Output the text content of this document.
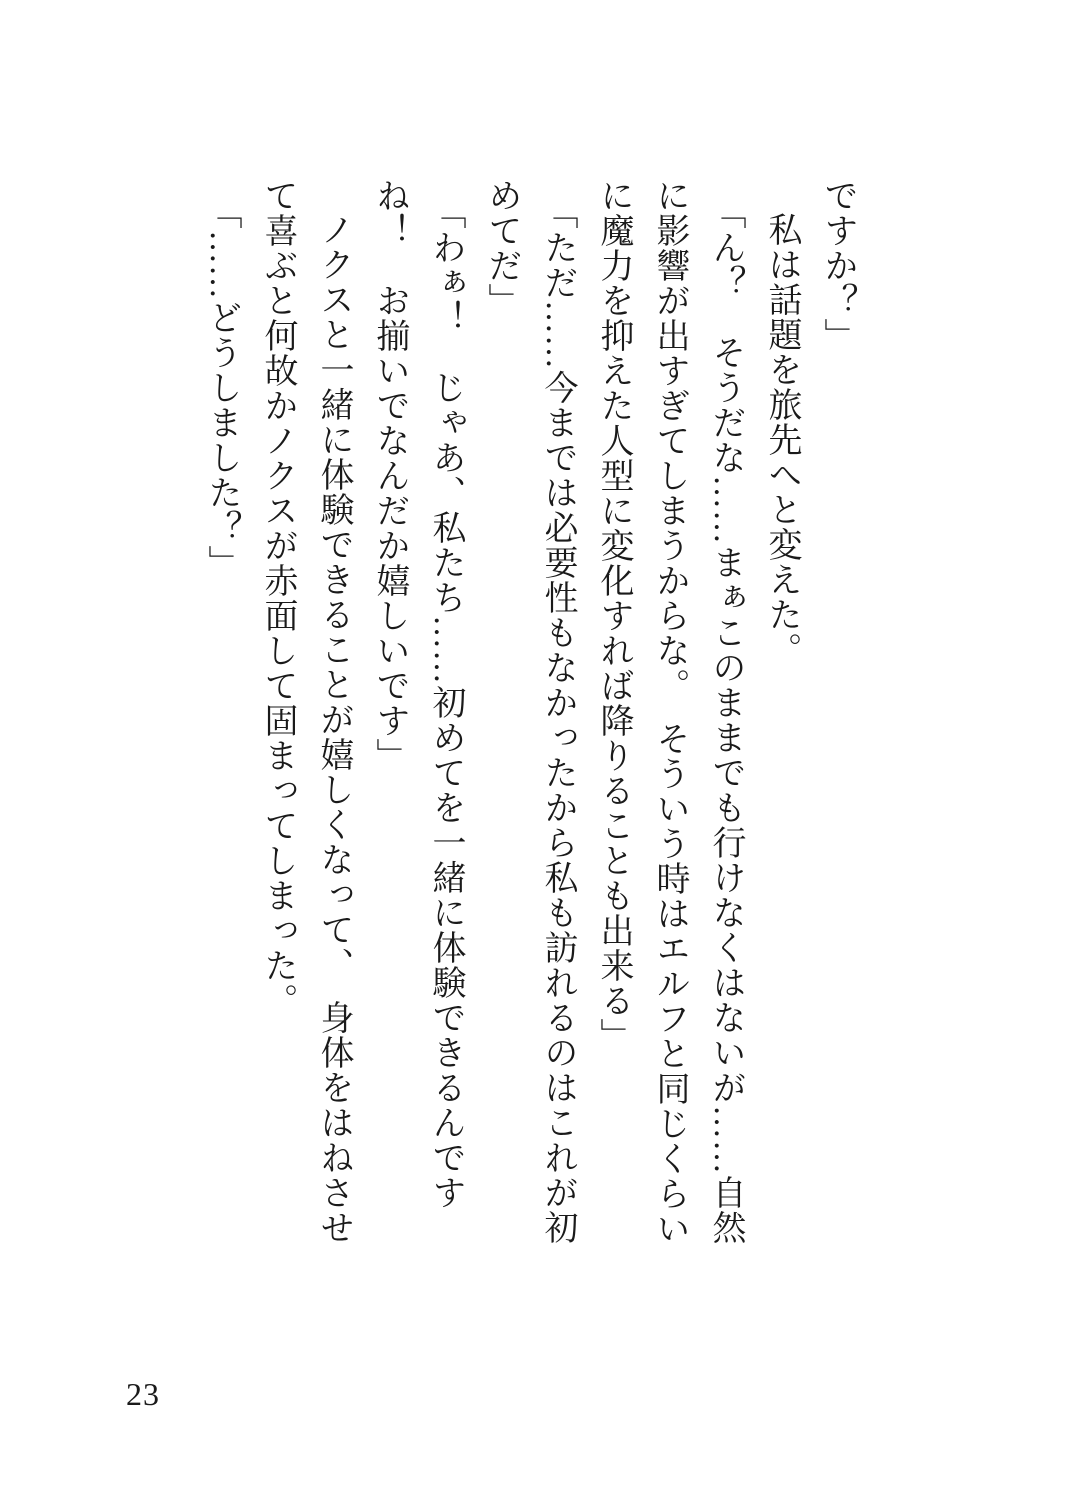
ですか？」
私は話題を旅先へと変えた。
「ん？　そうだな……まぁこのままでも行けなくはないが……自然
に影響が出すぎてしまうからな。　そういう時はエルフと同じくらい
に魔力を抑えた人型に変化すれば降りることも出来る」
「ただ……今までは必要性もなかったから私も訪れるのはこれが初
めてだ」
「わぁ！　じゃあ、私たち……初めてを一緒に体験できるんです
ね！　お揃いでなんだか嬉しいです」
ノクスと一緒に体験できることが嬉しくなって、　身体をはねさせ
て喜ぶと何故かノクスが赤面して固まってしまった。
「……どうしました？」
23
